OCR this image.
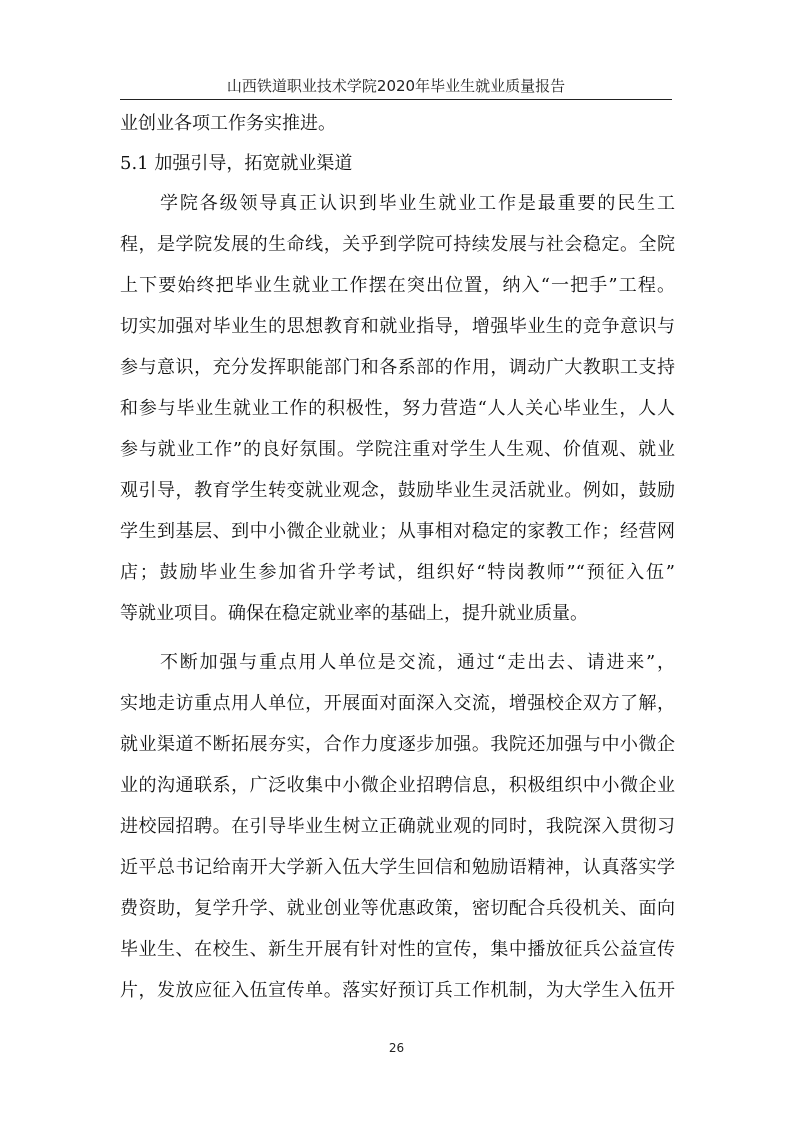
山西铁道职业技术学院2020年毕业生就业质量报告
业创业各项工作务实推进。
5.1 加强引导，拓宽就业渠道
学院各级领导真正认识到毕业生就业工作是最重要的民生工
程，是学院发展的生命线，关乎到学院可持续发展与社会稳定。全院
上下要始终把毕业生就业工作摆在突出位置，纳入“一把手”工程。
切实加强对毕业生的思想教育和就业指导，增强毕业生的竞争意识与
参与意识，充分发挥职能部门和各系部的作用，调动广大教职工支持
和参与毕业生就业工作的积极性，努力营造“人人关心毕业生，人人
参与就业工作”的良好氛围。学院注重对学生人生观、价值观、就业
观引导，教育学生转变就业观念，鼓励毕业生灵活就业。例如，鼓励
学生到基层、到中小微企业就业；从事相对稳定的家教工作；经营网
店；鼓励毕业生参加省升学考试，组织好“特岗教师”“预征入伍”
等就业项目。确保在稳定就业率的基础上，提升就业质量。
不断加强与重点用人单位是交流，通过“走出去、请进来”，
实地走访重点用人单位，开展面对面深入交流，增强校企双方了解，
就业渠道不断拓展夯实，合作力度逐步加强。我院还加强与中小微企
业的沟通联系，广泛收集中小微企业招聘信息，积极组织中小微企业
进校园招聘。在引导毕业生树立正确就业观的同时，我院深入贯彻习
近平总书记给南开大学新入伍大学生回信和勉励语精神，认真落实学
费资助，复学升学、就业创业等优惠政策，密切配合兵役机关、面向
毕业生、在校生、新生开展有针对性的宣传，集中播放征兵公益宣传
片，发放应征入伍宣传单。落实好预订兵工作机制，为大学生入伍开
26
